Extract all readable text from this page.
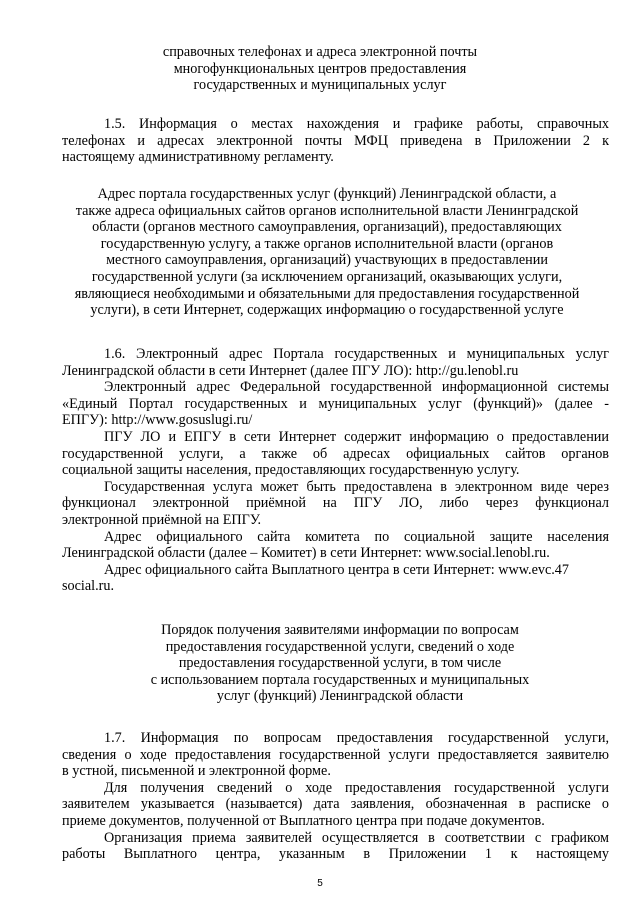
справочных телефонах и адреса электронной почты
многофункциональных центров предоставления
государственных и муниципальных услуг
1.5. Информация о местах нахождения и графике работы, справочных
телефонах и адресах электронной почты МФЦ приведена в Приложении 2 к
настоящему административному регламенту.
Адрес портала государственных услуг (функций) Ленинградской области, а
также адреса официальных сайтов органов исполнительной власти Ленинградской
области (органов местного самоуправления, организаций), предоставляющих
государственную услугу, а также органов исполнительной власти (органов
местного самоуправления, организаций) участвующих в предоставлении
государственной услуги (за исключением организаций, оказывающих услуги,
являющиеся необходимыми и обязательными для предоставления государственной
услуги), в сети Интернет, содержащих информацию о государственной услуге
1.6. Электронный адрес Портала государственных и муниципальных услуг
Ленинградской области в сети Интернет (далее ПГУ ЛО): http://gu.lenobl.ru
Электронный адрес Федеральной государственной информационной системы
«Единый Портал государственных и муниципальных услуг (функций)» (далее -
ЕПГУ): http://www.gosuslugi.ru/
ПГУ ЛО и ЕПГУ в сети Интернет содержит информацию о предоставлении
государственной услуги, а также об адресах официальных сайтов органов
социальной защиты населения, предоставляющих государственную услугу.
Государственная услуга может быть предоставлена в электронном виде через
функционал электронной приёмной на ПГУ ЛО, либо через функционал
электронной приёмной на ЕПГУ.
Адрес официального сайта комитета по социальной защите населения
Ленинградской области (далее – Комитет) в сети Интернет: www.social.lenobl.ru.
Адрес официального сайта Выплатного центра в сети Интернет: www.evc.47
social.ru.
Порядок получения заявителями информации по вопросам
предоставления государственной услуги, сведений о ходе
предоставления государственной услуги, в том числе
с использованием портала государственных и муниципальных
услуг (функций) Ленинградской области
1.7. Информация по вопросам предоставления государственной услуги,
сведения о ходе предоставления государственной услуги предоставляется заявителю
в устной, письменной и электронной форме.
Для получения сведений о ходе предоставления государственной услуги
заявителем указывается (называется) дата заявления, обозначенная в расписке о
приеме документов, полученной от Выплатного центра при подаче документов.
Организация приема заявителей осуществляется в соответствии с графиком
работы Выплатного центра, указанным в Приложении 1 к настоящему
5
